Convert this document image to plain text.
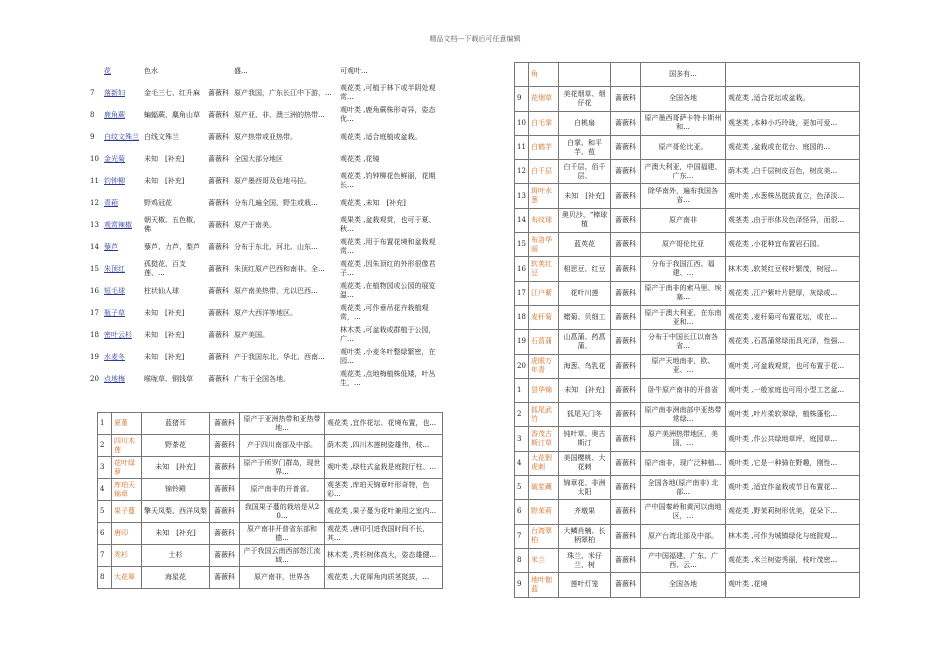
精品文档---下载后可任意编辑
	花	色水		盛...	可观叶...
7	落新妇	金毛三七、红升麻	蔷薇科	原产我国，广东长江中下游，...	观花类 ,可植于林下或半阴处观赏...
8	鹿角蕨	蝙蝠蕨、麋角山草	蔷薇科	原产亚、非、澳三洲的热带...	观叶类 ,鹿角蕨株形奇异，姿态优...
9	白纹文殊兰	白线文殊兰	蔷薇科	原产热带或亚热带。	观花类 ,适合庭植或盆栽。
10	金光菊	未知　[补充]	蔷薇科	全国大部分地区	观花类 ,花镜
11	钓钟柳	未知　[补充]	蔷薇科	原产墨西哥及危地马拉。	观花类 ,钓钟柳花色鲜丽，花期长...
12	青葙	野鸡冠花	蔷薇科	分布几遍全国，野生或栽...	观花类 ,未知　[补充]
13	观赏辣椒	朝天椒、五色椒、佛	蔷薇科	原产于南美。	观果类 ,盆栽观赏，也可于夏、秋...
14	藜芦	藜芦、力芦、梨芦	蔷薇科	分布于东北、河北、山东...	观花类 ,用于布置花境和盆栽观赏...
15	朱顶红	孤挺花、百支莲、...	蔷薇科	朱顶红原产巴西和南非。全...	观花类 ,因朱顶红的外形很像君子...
16	短毛球	柱状仙人球	蔷薇科	原产南美热带，尤以巴西...	观花类 ,在植物园或公园的展览温...
17	瓶子草	未知　[补充]	蔷薇科	原产大西洋等地区。	观花类 ,可作垂吊花卉栽植观赏，...
18	密叶云杉	未知　[补充]	蔷薇科	原产美国。	林木类 ,可盆栽或群植于公园，广...
19	水麦冬	未知　[补充]	蔷薇科	产于我国东北、华北、西南...	观叶类 ,小麦冬叶整绿繁密，在园...
20	点地梅	喉咙草、铜钱草	蔷薇科	广布于全国各地。	观花类 ,点地梅植株低矮，叶丛生，...
1	夏堇	蓝猪耳	蔷薇科	原产于亚洲热带和亚热带地...	观花类 ,宜作花坛、花境布置，也...
2	四川木莲	野茶花	蔷薇科	产于四川南部及中部。	荫木类 ,四川木莲树姿雄伟，枝...
3	花叶绿萝	未知　[补充]	蔷薇科	原产于所罗门群岛，现世界...	观叶类 ,绿柱式盆栽是庭院厅柱、...
4	库珀天锦章	锦铃殿	蔷薇科	原产南非的开普省。	观茎类 ,库珀天锦章叶形奇特，色彩...
5	果子蔓	擎天凤梨、西洋凤梨	蔷薇科	我国果子蔓的栽培是从20...	观花类 ,果子蔓为花叶兼用之室内...
6	唐印	未知　[补充]	蔷薇科	原产南非开普省东部和德...	观花类 ,唐印引进我国时间不长，其...
7	秃杉	土杉	蔷薇科	产于我国云南西部怒江流域...	林木类 ,秃杉树体高大，姿态雄健...
8	大花犀	海星花	蔷薇科	原产南非，世界各	观花类 ,大花犀角肉质茎挺拔，...
	角			国多有...	
9	花烟草	美花烟草、烟仔花	蔷薇科	全国各地	观花类 ,适合花坛或盆栽。
10	白毛掌	白桃扇	蔷薇科	原产墨西哥萨卡特卡斯州和...	观茎类 ,本种小巧玲珑，更加可爱...
11	白鹤芋	白掌、和平芋、苞	蔷薇科	原产哥伦比亚。	观花类 ,盆栽或在花台、庭园的...
12	白千层	白千层、佰千层、	蔷薇科	产澳大利亚，中国福建、广东...	荫木类 ,白千层树皮百色，树皮美...
13	斑叶水葱	未知　[补充]	蔷薇科	除华南外，遍布我国各省...	观叶类 ,水葱株丛挺拔直立，色泽淡...
14	布纹球	奥贝沙、“棒球植	蔷薇科	原产南非	观茎类 ,由于形体及色泽怪异，而很...
15	布洛华丽	蓝英花	蔷薇科	原产哥伦比亚	观花类 ,小花种宜布置岩石园。
16	软荚红豆	相思豆、红豆	蔷薇科	分布于我国江西、福建、...	林木类 ,软荚红豆枝叶繁茂，树冠...
17	江户紫	花叶川莲	蔷薇科	原产于南非的索马里、埃塞...	观花类 ,江户紫叶片肥厚，灰绿或...
18	麦秆菊	蜡菊、贝细工	蔷薇科	原产于澳大利亚，在东南亚和...	观花类 ,麦秆菊可布置花坛，或在...
19	石菖蒲	山菖蒲、药菖蒲、	蔷薇科	分布于中国长江以南各省...	观花类 ,石菖蒲常绿而具光泽，性强...
20	虎眼万年青	海葱、鸟乳花	蔷薇科	原产天地南非，欧、亚、...	观叶类 ,可盆栽观赏，也可布置于花...
1	昙华锦	未知　[补充]	蔷薇科	卧牛原产南非的开普省	观叶类 ,一般家庭也可用小型工艺盆...
2	狐尾武竹	狐尾天门冬	蔷薇科	原产南非洲南部中亚热带常绿...	观叶类 ,叶片柔软翠绿，植株蓬松...
3	香茂古斯汀草	钝叶草、奥古斯汀	蔷薇科	原产美洲热带地区，美国，...	观叶类 ,作公共绿地草坪、庭园草...
4	大花假虎刺	美国樱桃、大花刺	蔷薇科	原产南非，现广泛种植...	观叶类 ,它是一种骑在野趣，刚性...
5	破浆藏	锦章花、非洲太阳	蔷薇科	全国各地(原产南非) 北部...	观叶类 ,适宜作盆栽或节日布置花...
6	野苿莉	齐墩果	蔷薇科	产中国秦岭和黄河以南地区，...	观花类 ,野苿莉树形优美，花朵下...
7	台湾翠柏	大鳞肖楠、长柄翠柏	蔷薇科	原产台湾北部及中部。	林木类 ,可作为城镇绿化与庭院观...
8	米兰	珠兰、米仔兰、树	蔷薇科	产中国福建、广东、广西、云...	观花类 ,米兰树姿秀丽，枝叶茂密...
9	地叶伽蓝	莲叶灯笼	蔷薇科	全国各地	观叶类 ,花境
